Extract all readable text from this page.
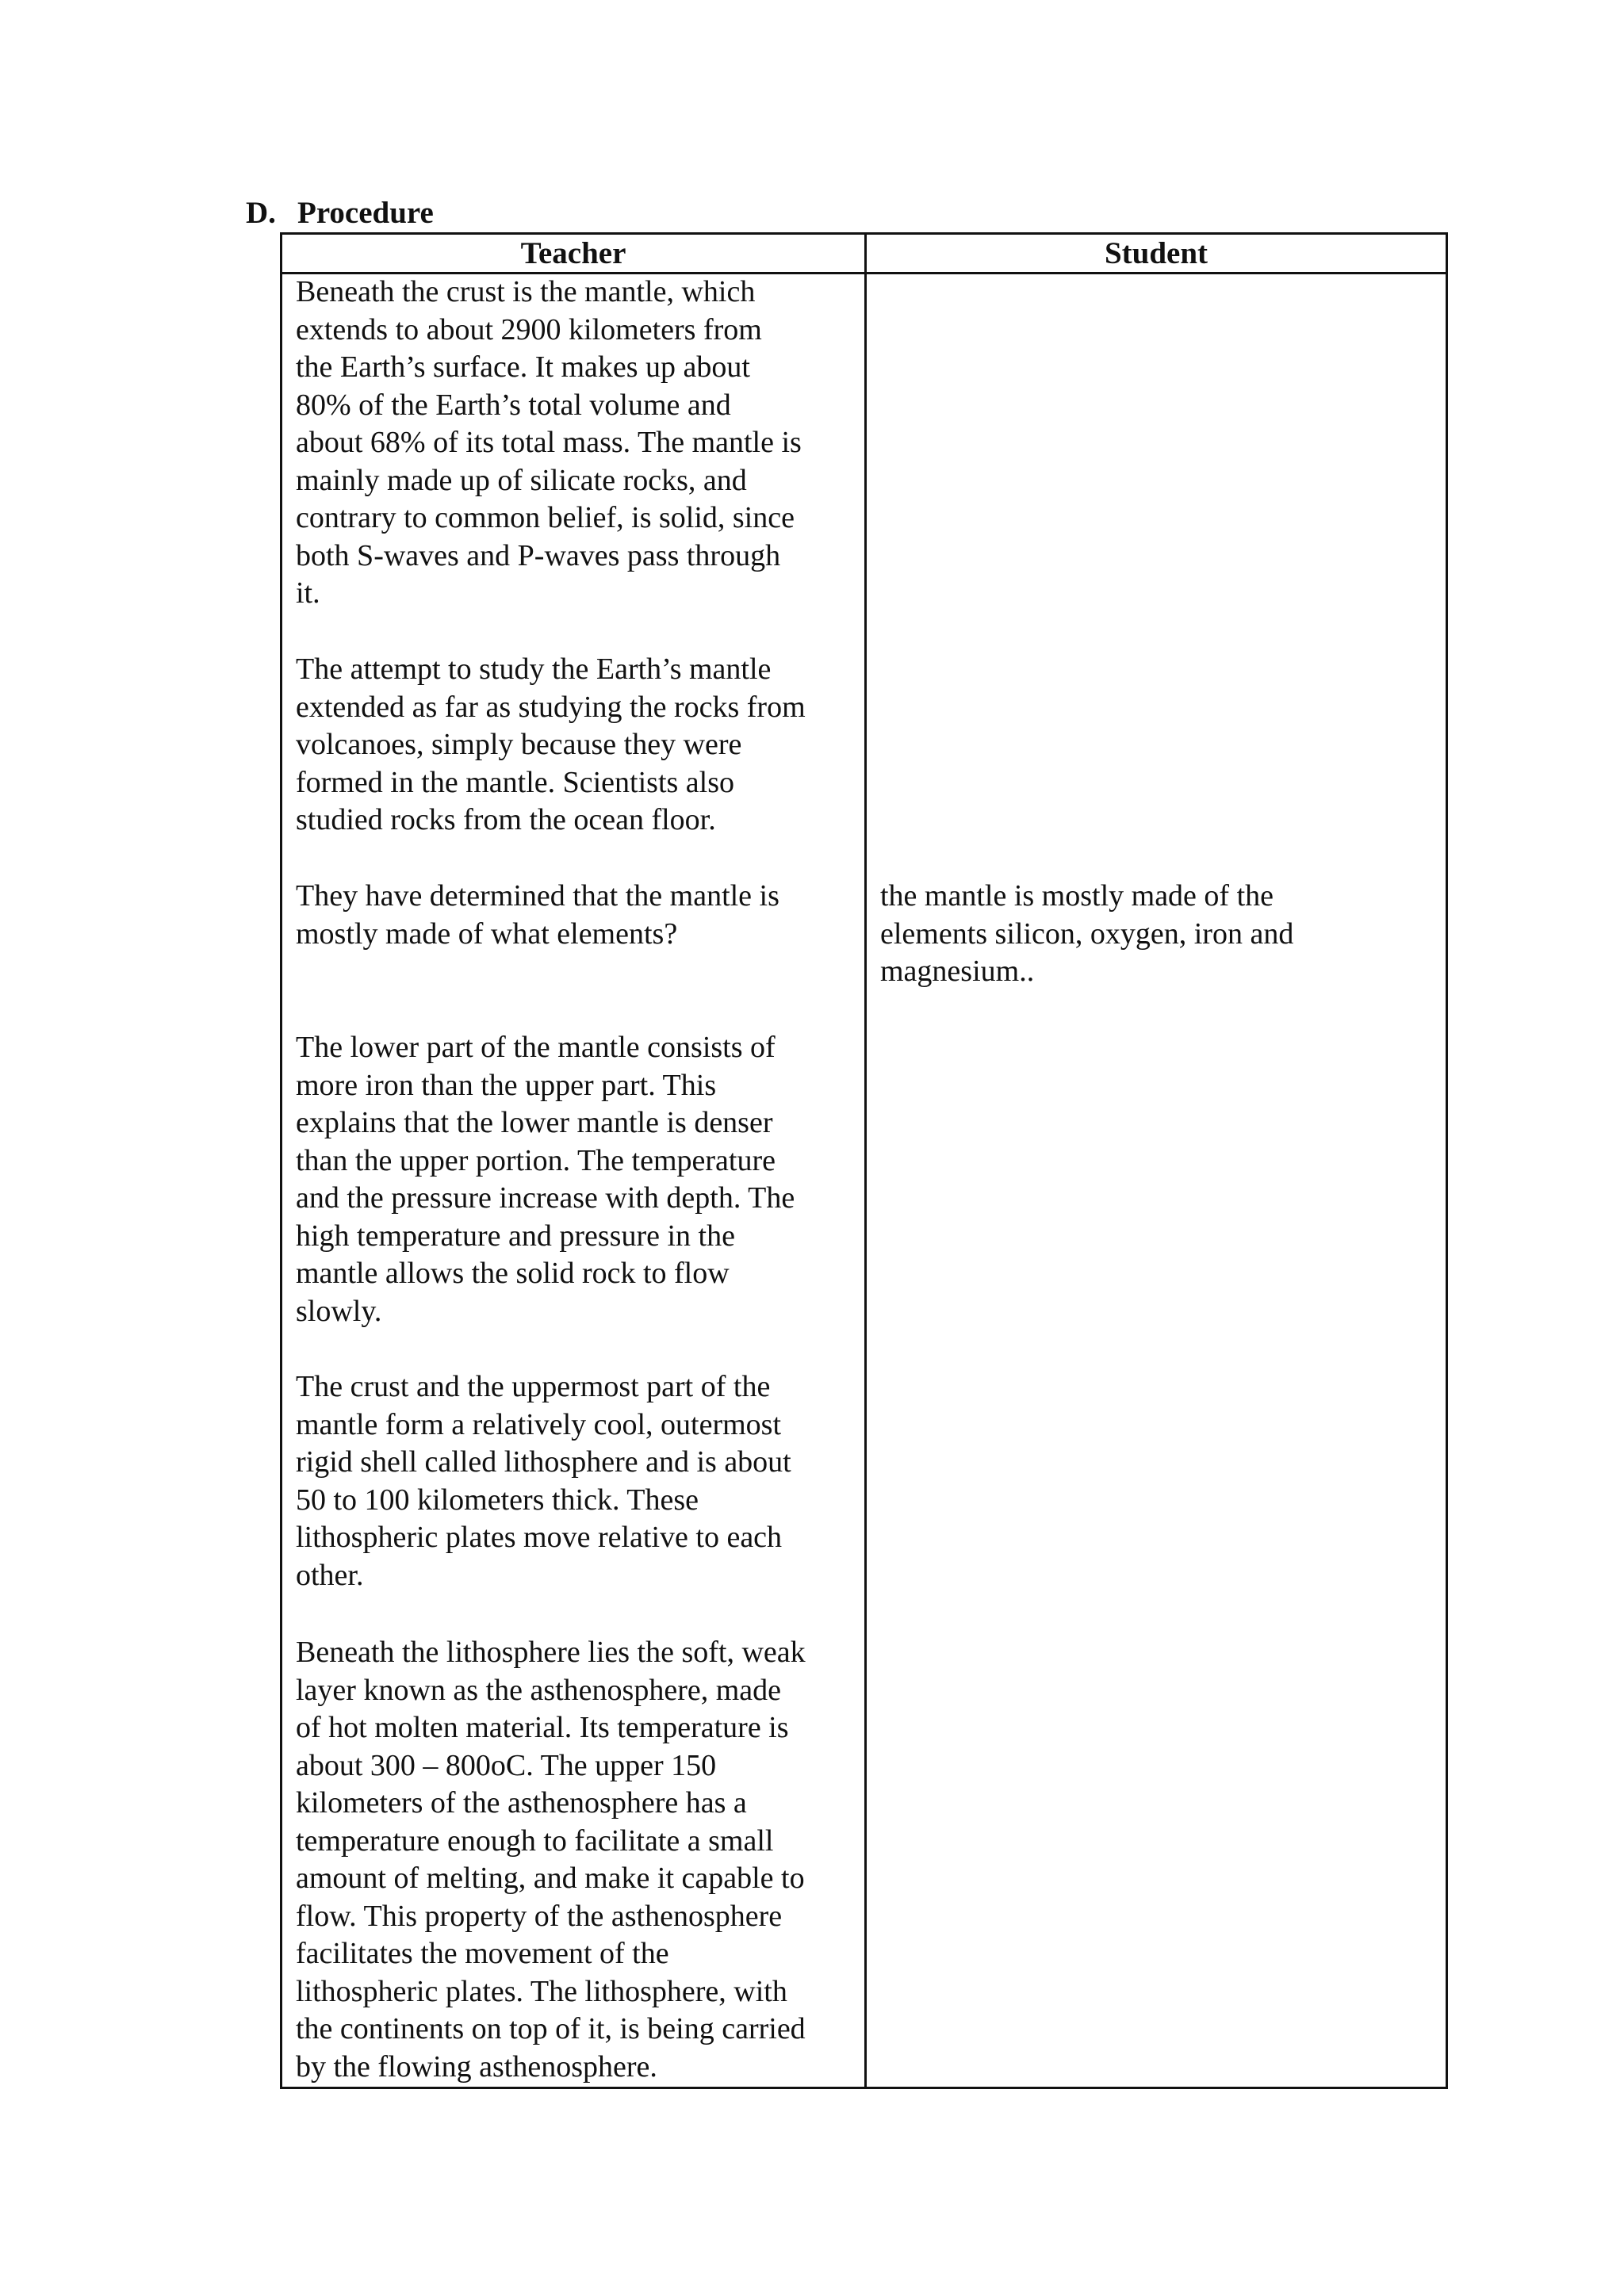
D. Procedure
Teacher	Student
Beneath the crust is the mantle, which
extends to about 2900 kilometers from
the Earth’s surface. It makes up about
80% of the Earth’s total volume and
about 68% of its total mass. The mantle is
mainly made up of silicate rocks, and
contrary to common belief, is solid, since
both S-waves and P-waves pass through
it.
The attempt to study the Earth’s mantle
extended as far as studying the rocks from
volcanoes, simply because they were
formed in the mantle. Scientists also
studied rocks from the ocean floor.
They have determined that the mantle is
mostly made of what elements?
The lower part of the mantle consists of
more iron than the upper part. This
explains that the lower mantle is denser
than the upper portion. The temperature
and the pressure increase with depth. The
high temperature and pressure in the
mantle allows the solid rock to flow
slowly.
The crust and the uppermost part of the
mantle form a relatively cool, outermost
rigid shell called lithosphere and is about
50 to 100 kilometers thick. These
lithospheric plates move relative to each
other.
Beneath the lithosphere lies the soft, weak
layer known as the asthenosphere, made
of hot molten material. Its temperature is
about 300 – 800oC. The upper 150
kilometers of the asthenosphere has a
temperature enough to facilitate a small
amount of melting, and make it capable to
flow. This property of the asthenosphere
facilitates the movement of the
lithospheric plates. The lithosphere, with
the continents on top of it, is being carried
by the flowing asthenosphere.
the mantle is mostly made of the
elements silicon, oxygen, iron and
magnesium..
